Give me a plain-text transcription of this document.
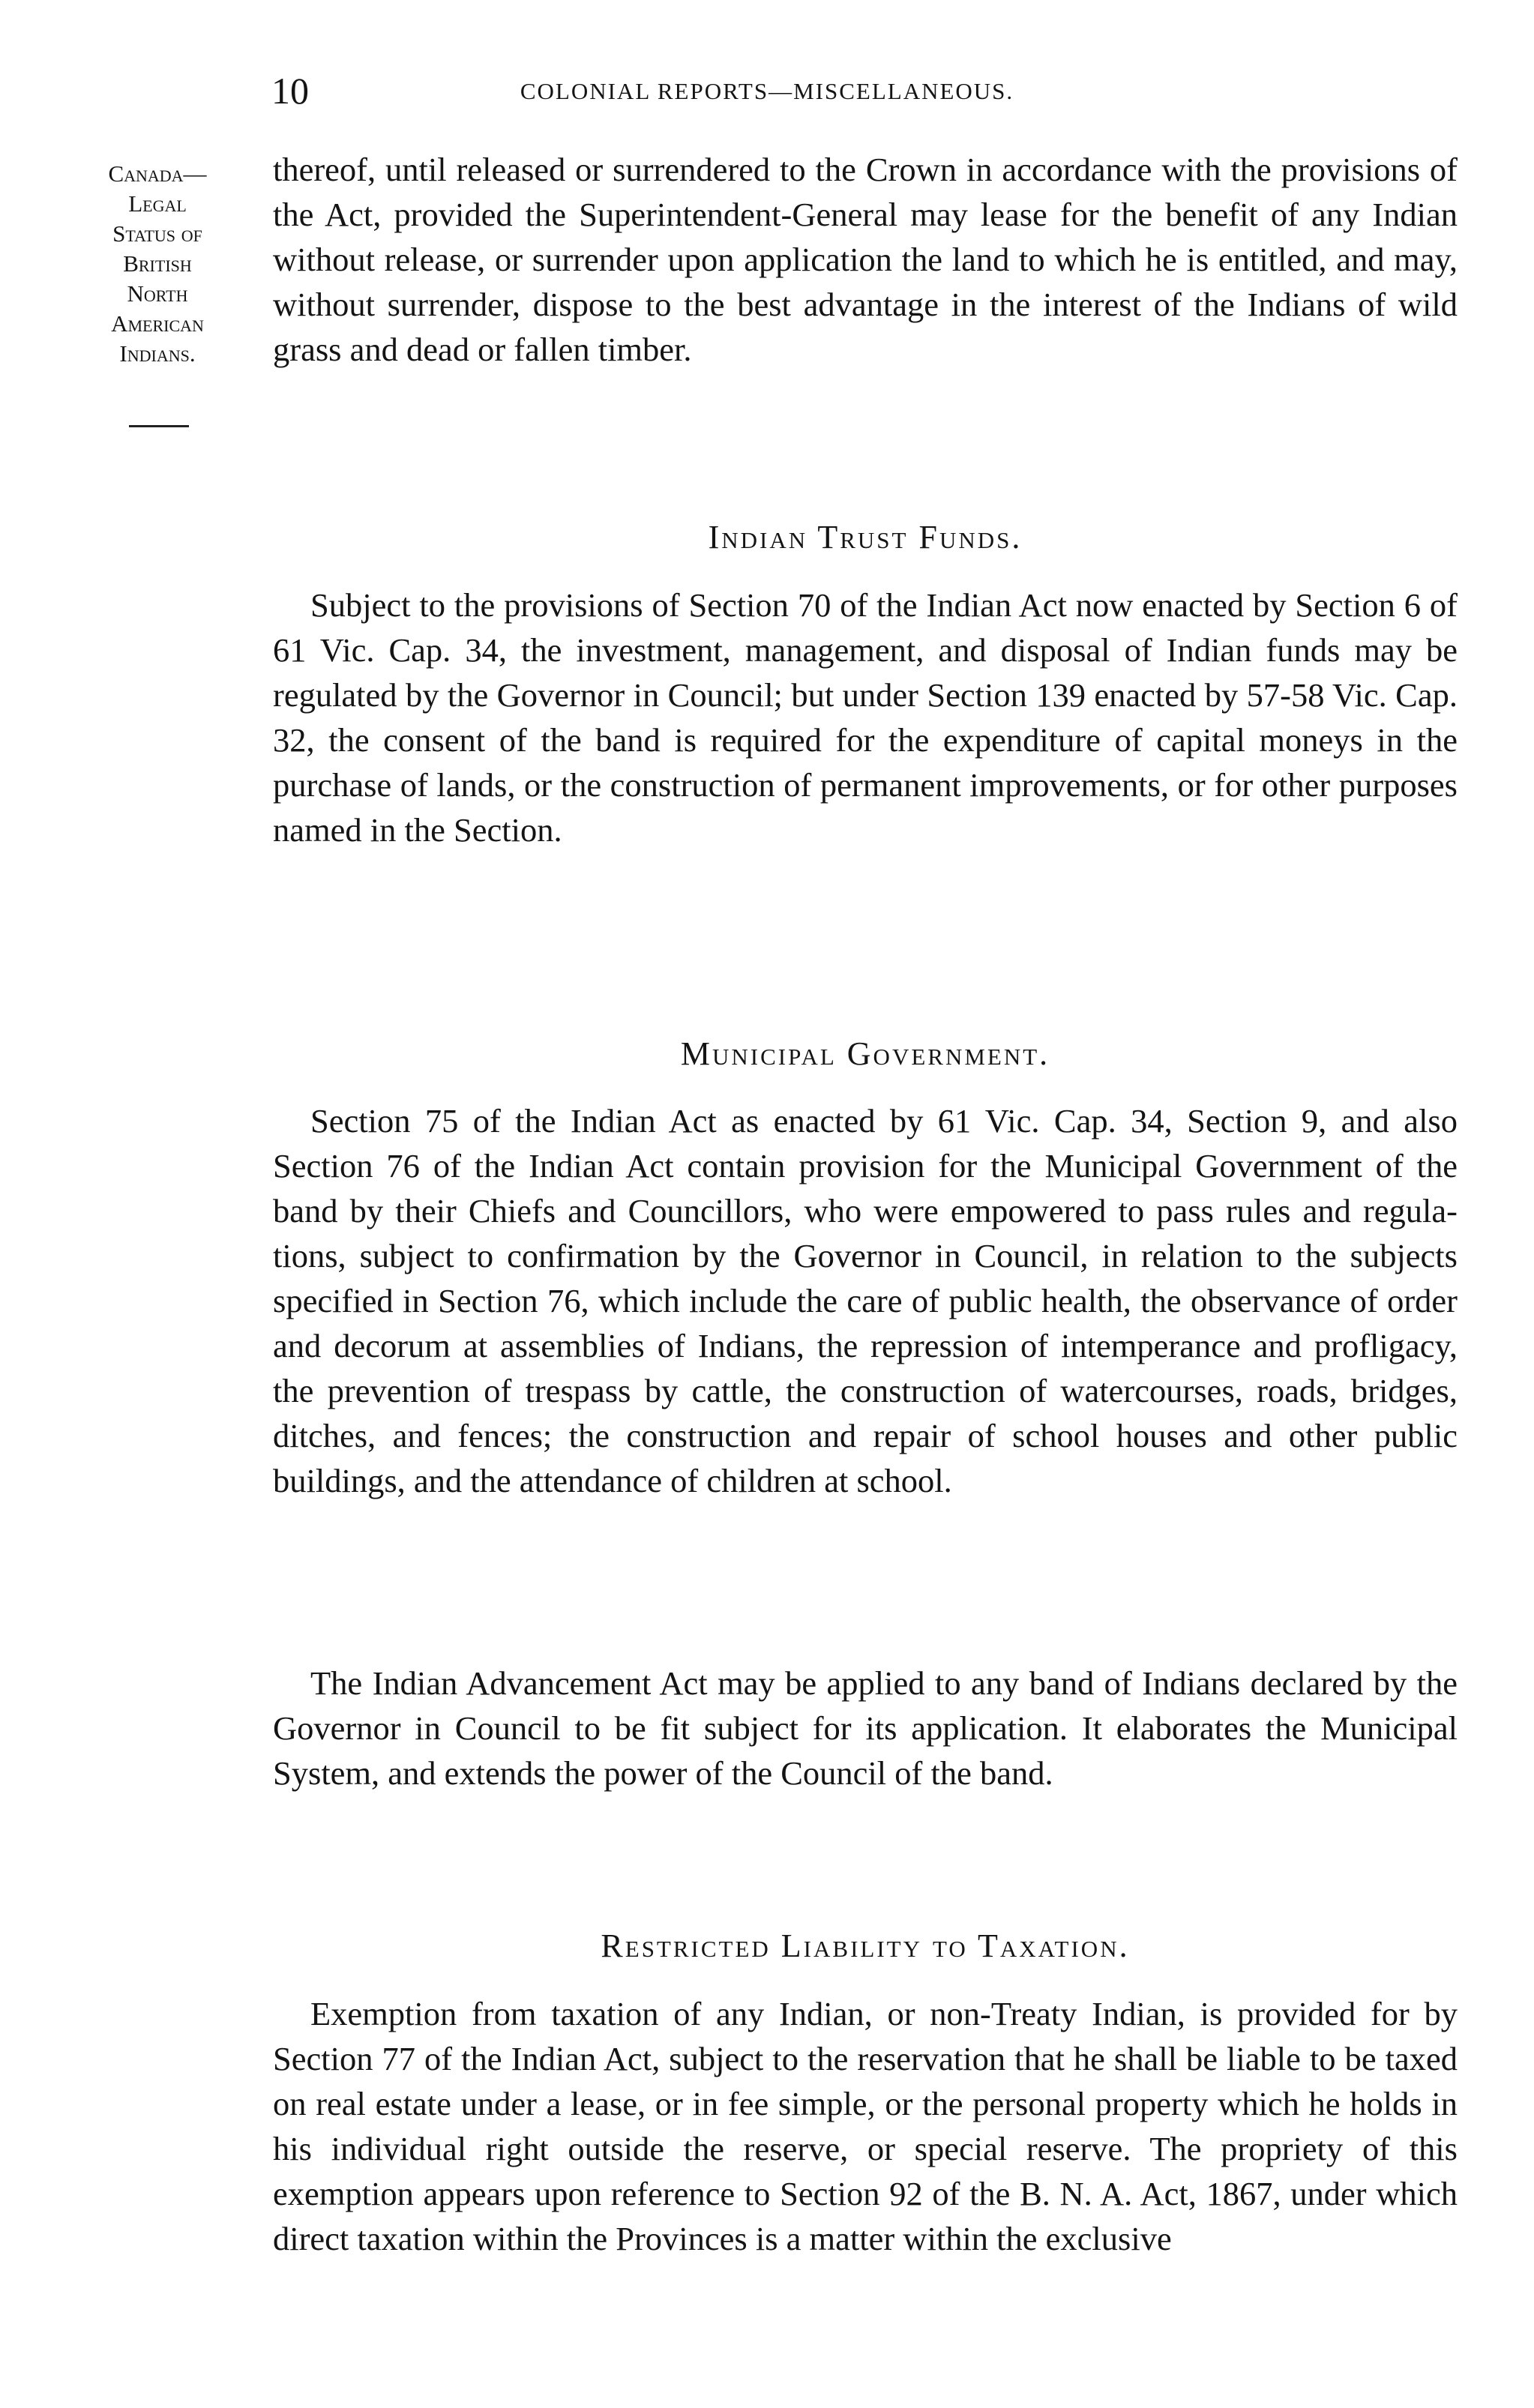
10	COLONIAL REPORTS—MISCELLANEOUS.
Canada—
Legal
Status of
British
North
American
Indians.

thereof, until released or surrendered to the Crown in accordance with the provisions of the Act, provided the Superintendent-General may lease for the benefit of any Indian without release, or surrender upon application the land to which he is entitled, and may, without surrender, dispose to the best advantage in the interest of the Indians of wild grass and dead or fallen timber.

Indian Trust Funds.

Subject to the provisions of Section 70 of the Indian Act now enacted by Section 6 of 61 Vic. Cap. 34, the investment, management, and disposal of Indian funds may be regulated by the Governor in Council; but under Section 139 enacted by 57-58 Vic. Cap. 32, the consent of the band is required for the expenditure of capital moneys in the purchase of lands, or the construction of permanent improvements, or for other purposes named in the Section.

Municipal Government.

Section 75 of the Indian Act as enacted by 61 Vic. Cap. 34, Section 9, and also Section 76 of the Indian Act contain provision for the Municipal Government of the band by their Chiefs and Councillors, who were empowered to pass rules and regulations, subject to confirmation by the Governor in Council, in relation to the subjects specified in Section 76, which include the care of public health, the observance of order and decorum at assemblies of Indians, the repression of intemperance and profligacy, the prevention of trespass by cattle, the construction of watercourses, roads, bridges, ditches, and fences; the construction and repair of school houses and other public buildings, and the attendance of children at school.

The Indian Advancement Act may be applied to any band of Indians declared by the Governor in Council to be fit subject for its application. It elaborates the Municipal System, and extends the power of the Council of the band.

Restricted Liability to Taxation.

Exemption from taxation of any Indian, or non-Treaty Indian, is provided for by Section 77 of the Indian Act, subject to the reservation that he shall be liable to be taxed on real estate under a lease, or in fee simple, or the personal property which he holds in his individual right outside the reserve, or special reserve. The propriety of this exemption appears upon reference to Section 92 of the B. N. A. Act, 1867, under which direct taxation within the Provinces is a matter within the exclusive
